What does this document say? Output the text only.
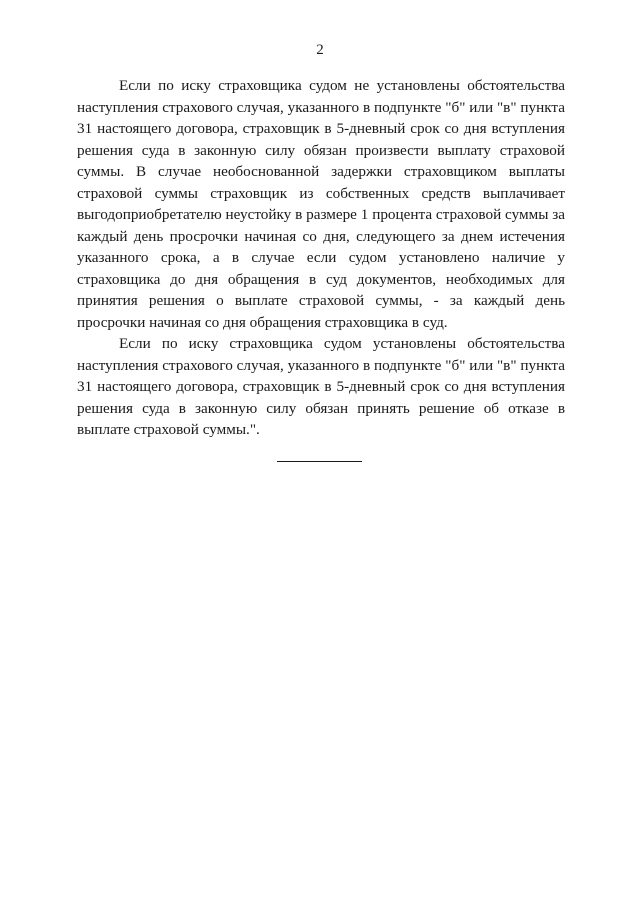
2

Если по иску страховщика судом не установлены обстоятельства наступления страхового случая, указанного в подпункте "б" или "в" пункта 31 настоящего договора, страховщик в 5-дневный срок со дня вступления решения суда в законную силу обязан произвести выплату страховой суммы. В случае необоснованной задержки страховщиком выплаты страховой суммы страховщик из собственных средств выплачивает выгодоприобретателю неустойку в размере 1 процента страховой суммы за каждый день просрочки начиная со дня, следующего за днем истечения указанного срока, а в случае если судом установлено наличие у страховщика до дня обращения в суд документов, необходимых для принятия решения о выплате страховой суммы, - за каждый день просрочки начиная со дня обращения страховщика в суд.

Если по иску страховщика судом установлены обстоятельства наступления страхового случая, указанного в подпункте "б" или "в" пункта 31 настоящего договора, страховщик в 5-дневный срок со дня вступления решения суда в законную силу обязан принять решение об отказе в выплате страховой суммы.".
